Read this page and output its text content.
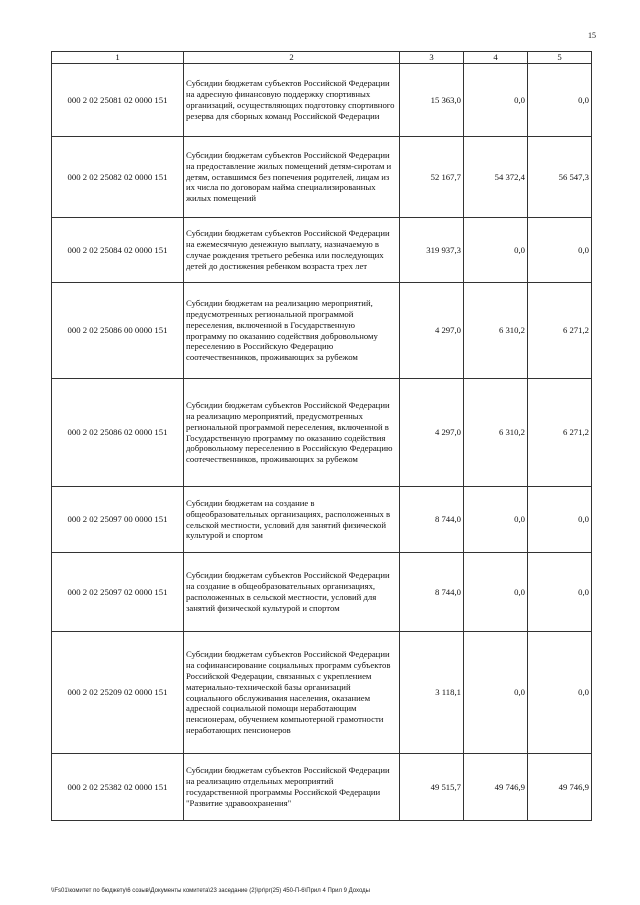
15
1	2	3	4	5
000 2 02 25081 02 0000 151	Субсидии бюджетам субъектов Российской Федерации на адресную финансовую поддержку спортивных организаций, осуществляющих подготовку спортивного резерва для сборных команд Российской Федерации	15 363,0	0,0	0,0
000 2 02 25082 02 0000 151	Субсидии бюджетам субъектов Российской Федерации на предоставление жилых помещений детям-сиротам и детям, оставшимся без попечения родителей, лицам из их числа по договорам найма специализированных жилых помещений	52 167,7	54 372,4	56 547,3
000 2 02 25084 02 0000 151	Субсидии бюджетам субъектов Российской Федерации на ежемесячную денежную выплату, назначаемую в случае рождения третьего ребенка или последующих детей до достижения ребенком возраста трех лет	319 937,3	0,0	0,0
000 2 02 25086 00 0000 151	Субсидии бюджетам на реализацию мероприятий, предусмотренных региональной программой переселения, включенной в Государственную программу по оказанию содействия добровольному переселению в Российскую Федерацию соотечественников, проживающих за рубежом	4 297,0	6 310,2	6 271,2
000 2 02 25086 02 0000 151	Субсидии бюджетам субъектов Российской Федерации на реализацию мероприятий, предусмотренных региональной программой переселения, включенной в Государственную программу по оказанию содействия добровольному переселению в Российскую Федерацию соотечественников, проживающих за рубежом	4 297,0	6 310,2	6 271,2
000 2 02 25097 00 0000 151	Субсидии бюджетам на создание в общеобразовательных организациях, расположенных в сельской местности, условий для занятий физической культурой и спортом	8 744,0	0,0	0,0
000 2 02 25097 02 0000 151	Субсидии бюджетам субъектов Российской Федерации на создание в общеобразовательных организациях, расположенных в сельской местности, условий для занятий физической культурой и спортом	8 744,0	0,0	0,0
000 2 02 25209 02 0000 151	Субсидии бюджетам субъектов Российской Федерации на софинансирование социальных программ субъектов Российской Федерации, связанных с укреплением материально-технической базы организаций социального обслуживания населения, оказанием адресной социальной помощи неработающим пенсионерам, обучением компьютерной грамотности неработающих пенсионеров	3 118,1	0,0	0,0
000 2 02 25382 02 0000 151	Субсидии бюджетам субъектов Российской Федерации на реализацию отдельных мероприятий государственной программы Российской Федерации "Развитие здравоохранения"	49 515,7	49 746,9	49 746,9
\\Fs01\комитет по бюджету\6 созыв\Документы комитета\23 заседание (2)\pr\pr(25) 450-П-6\Прил 4 Прил 9 Доходы
